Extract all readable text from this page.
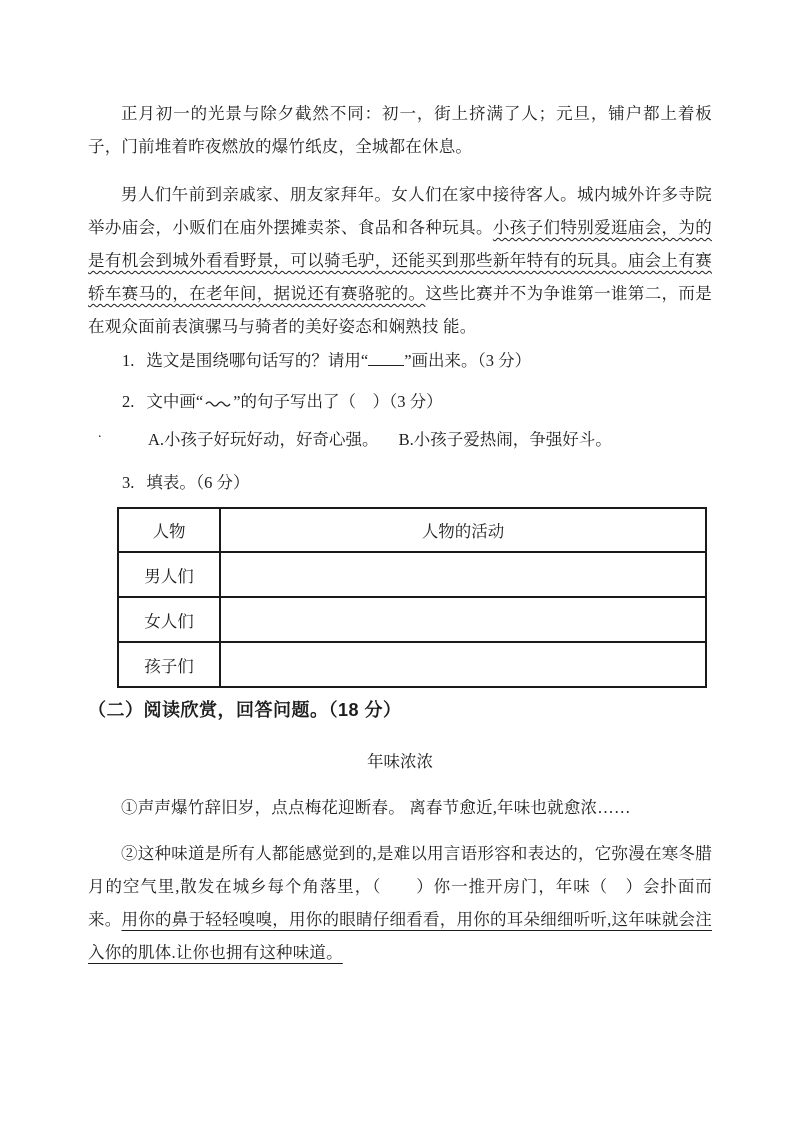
正月初一的光景与除夕截然不同：初一，街上挤满了人；元旦，铺户都上着板子，门前堆着昨夜燃放的爆竹纸皮，全城都在休息。
男人们午前到亲戚家、朋友家拜年。女人们在家中接待客人。城内城外许多寺院举办庙会，小贩们在庙外摆摊卖茶、食品和各种玩具。小孩子们特别爱逛庙会，为的是有机会到城外看看野景，可以骑毛驴，还能买到那些新年特有的玩具。庙会上有赛轿车赛马的，在老年间，据说还有赛骆驼的。这些比赛并不为争谁第一谁第二，而是在观众面前表演骡马与骑者的美好姿态和娴熟技 能。
1. 选文是围绕哪句话写的？请用“ ”画出来。（3 分）
2. 文中画“ ”的句子写出了（　）（3 分）
.	A.小孩子好玩好动，好奇心强。 B.小孩子爱热闹，争强好斗。
3. 填表。（6 分）
人物	人物的活动
男人们	
女人们	
孩子们	
（二）阅读欣赏，回答问题。（18 分）
年味浓浓
①声声爆竹辞旧岁，点点梅花迎断春。 离春节愈近,年味也就愈浓……
②这种味道是所有人都能感觉到的,是难以用言语形容和表达的，它弥漫在寒冬腊月的空气里,散发在城乡每个角落里，（　　）你一推开房门，年味（　）会扑面而来。用你的鼻于轻轻嗅嗅，用你的眼睛仔细看看，用你的耳朵细细听听,这年味就会注入你的肌体.让你也拥有这种味道。
